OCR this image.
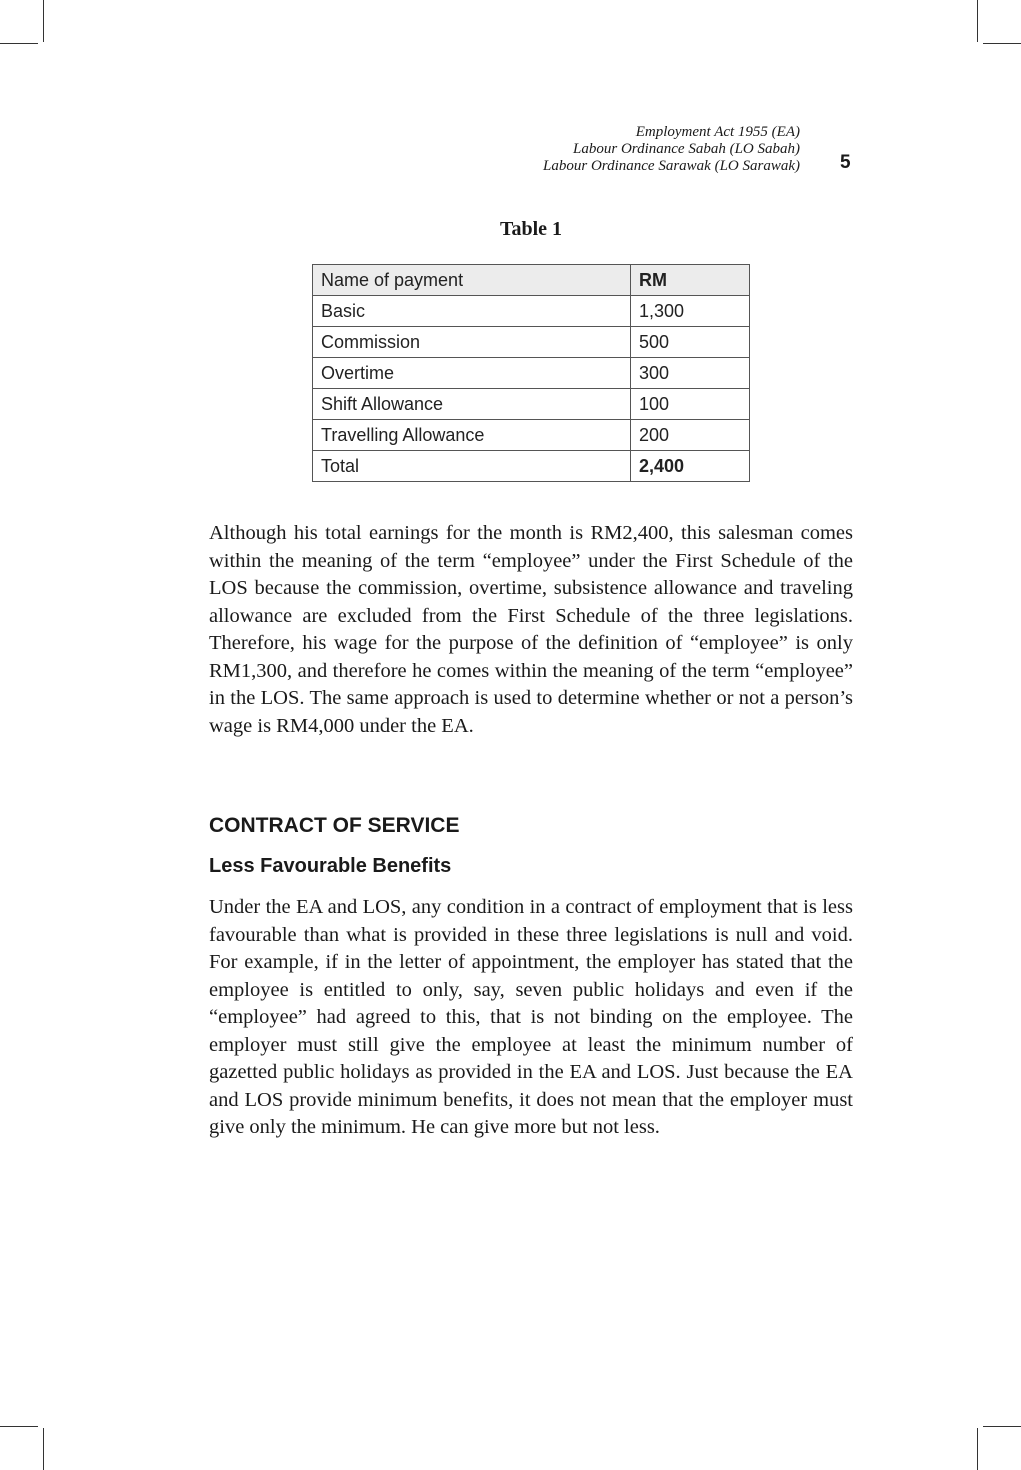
Employment Act 1955 (EA)
Labour Ordinance Sabah (LO Sabah)
Labour Ordinance Sarawak (LO Sarawak) 5
Table 1
Name of payment	RM
Basic	1,300
Commission	500
Overtime	300
Shift Allowance	100
Travelling Allowance	200
Total	2,400

Although his total earnings for the month is RM2,400, this salesman comes within the meaning of the term “employee” under the First Schedule of the LOS because the commission, overtime, subsistence allowance and traveling allowance are excluded from the First Schedule of the three legislations. Therefore, his wage for the purpose of the definition of “employee” is only RM1,300, and therefore he comes within the meaning of the term “employee” in the LOS. The same approach is used to determine whether or not a person’s wage is RM4,000 under the EA.

CONTRACT OF SERVICE
Less Favourable Benefits

Under the EA and LOS, any condition in a contract of employment that is less favourable than what is provided in these three legislations is null and void. For example, if in the letter of appointment, the employer has stated that the employee is entitled to only, say, seven public holidays and even if the “employee” had agreed to this, that is not binding on the employee. The employer must still give the employee at least the minimum number of gazetted public holidays as provided in the EA and LOS. Just because the EA and LOS provide minimum benefits, it does not mean that the employer must give only the minimum. He can give more but not less.
